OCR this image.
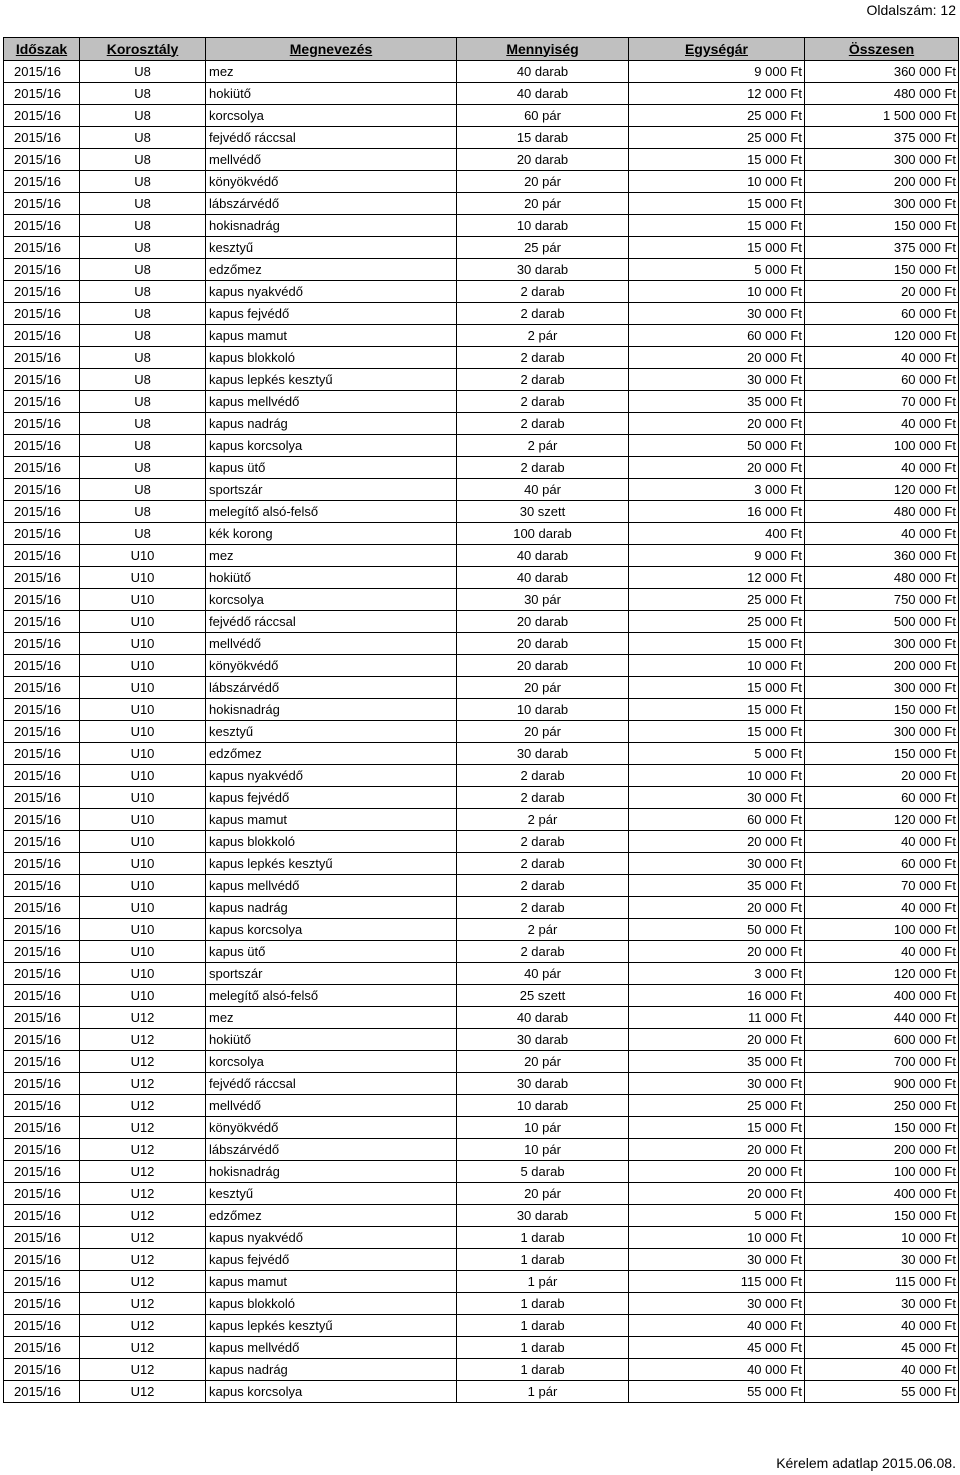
Oldalszám: 12
Időszak	Korosztály	Megnevezés	Mennyiség	Egységár	Összesen
2015/16	U8	mez	40 darab	9 000 Ft	360 000 Ft
2015/16	U8	hokiütő	40 darab	12 000 Ft	480 000 Ft
2015/16	U8	korcsolya	60 pár	25 000 Ft	1 500 000 Ft
2015/16	U8	fejvédő ráccsal	15 darab	25 000 Ft	375 000 Ft
2015/16	U8	mellvédő	20 darab	15 000 Ft	300 000 Ft
2015/16	U8	könyökvédő	20 pár	10 000 Ft	200 000 Ft
2015/16	U8	lábszárvédő	20 pár	15 000 Ft	300 000 Ft
2015/16	U8	hokisnadrág	10 darab	15 000 Ft	150 000 Ft
2015/16	U8	kesztyű	25 pár	15 000 Ft	375 000 Ft
2015/16	U8	edzőmez	30 darab	5 000 Ft	150 000 Ft
2015/16	U8	kapus nyakvédő	2 darab	10 000 Ft	20 000 Ft
2015/16	U8	kapus fejvédő	2 darab	30 000 Ft	60 000 Ft
2015/16	U8	kapus mamut	2 pár	60 000 Ft	120 000 Ft
2015/16	U8	kapus blokkoló	2 darab	20 000 Ft	40 000 Ft
2015/16	U8	kapus lepkés kesztyű	2 darab	30 000 Ft	60 000 Ft
2015/16	U8	kapus mellvédő	2 darab	35 000 Ft	70 000 Ft
2015/16	U8	kapus nadrág	2 darab	20 000 Ft	40 000 Ft
2015/16	U8	kapus korcsolya	2 pár	50 000 Ft	100 000 Ft
2015/16	U8	kapus ütő	2 darab	20 000 Ft	40 000 Ft
2015/16	U8	sportszár	40 pár	3 000 Ft	120 000 Ft
2015/16	U8	melegítő alsó-felső	30 szett	16 000 Ft	480 000 Ft
2015/16	U8	kék korong	100 darab	400 Ft	40 000 Ft
2015/16	U10	mez	40 darab	9 000 Ft	360 000 Ft
2015/16	U10	hokiütő	40 darab	12 000 Ft	480 000 Ft
2015/16	U10	korcsolya	30 pár	25 000 Ft	750 000 Ft
2015/16	U10	fejvédő ráccsal	20 darab	25 000 Ft	500 000 Ft
2015/16	U10	mellvédő	20 darab	15 000 Ft	300 000 Ft
2015/16	U10	könyökvédő	20 darab	10 000 Ft	200 000 Ft
2015/16	U10	lábszárvédő	20 pár	15 000 Ft	300 000 Ft
2015/16	U10	hokisnadrág	10 darab	15 000 Ft	150 000 Ft
2015/16	U10	kesztyű	20 pár	15 000 Ft	300 000 Ft
2015/16	U10	edzőmez	30 darab	5 000 Ft	150 000 Ft
2015/16	U10	kapus nyakvédő	2 darab	10 000 Ft	20 000 Ft
2015/16	U10	kapus fejvédő	2 darab	30 000 Ft	60 000 Ft
2015/16	U10	kapus mamut	2 pár	60 000 Ft	120 000 Ft
2015/16	U10	kapus blokkoló	2 darab	20 000 Ft	40 000 Ft
2015/16	U10	kapus lepkés kesztyű	2 darab	30 000 Ft	60 000 Ft
2015/16	U10	kapus mellvédő	2 darab	35 000 Ft	70 000 Ft
2015/16	U10	kapus nadrág	2 darab	20 000 Ft	40 000 Ft
2015/16	U10	kapus korcsolya	2 pár	50 000 Ft	100 000 Ft
2015/16	U10	kapus ütő	2 darab	20 000 Ft	40 000 Ft
2015/16	U10	sportszár	40 pár	3 000 Ft	120 000 Ft
2015/16	U10	melegítő alsó-felső	25 szett	16 000 Ft	400 000 Ft
2015/16	U12	mez	40 darab	11 000 Ft	440 000 Ft
2015/16	U12	hokiütő	30 darab	20 000 Ft	600 000 Ft
2015/16	U12	korcsolya	20 pár	35 000 Ft	700 000 Ft
2015/16	U12	fejvédő ráccsal	30 darab	30 000 Ft	900 000 Ft
2015/16	U12	mellvédő	10 darab	25 000 Ft	250 000 Ft
2015/16	U12	könyökvédő	10 pár	15 000 Ft	150 000 Ft
2015/16	U12	lábszárvédő	10 pár	20 000 Ft	200 000 Ft
2015/16	U12	hokisnadrág	5 darab	20 000 Ft	100 000 Ft
2015/16	U12	kesztyű	20 pár	20 000 Ft	400 000 Ft
2015/16	U12	edzőmez	30 darab	5 000 Ft	150 000 Ft
2015/16	U12	kapus nyakvédő	1 darab	10 000 Ft	10 000 Ft
2015/16	U12	kapus fejvédő	1 darab	30 000 Ft	30 000 Ft
2015/16	U12	kapus mamut	1 pár	115 000 Ft	115 000 Ft
2015/16	U12	kapus blokkoló	1 darab	30 000 Ft	30 000 Ft
2015/16	U12	kapus lepkés kesztyű	1 darab	40 000 Ft	40 000 Ft
2015/16	U12	kapus mellvédő	1 darab	45 000 Ft	45 000 Ft
2015/16	U12	kapus nadrág	1 darab	40 000 Ft	40 000 Ft
2015/16	U12	kapus korcsolya	1 pár	55 000 Ft	55 000 Ft
Kérelem adatlap 2015.06.08.
